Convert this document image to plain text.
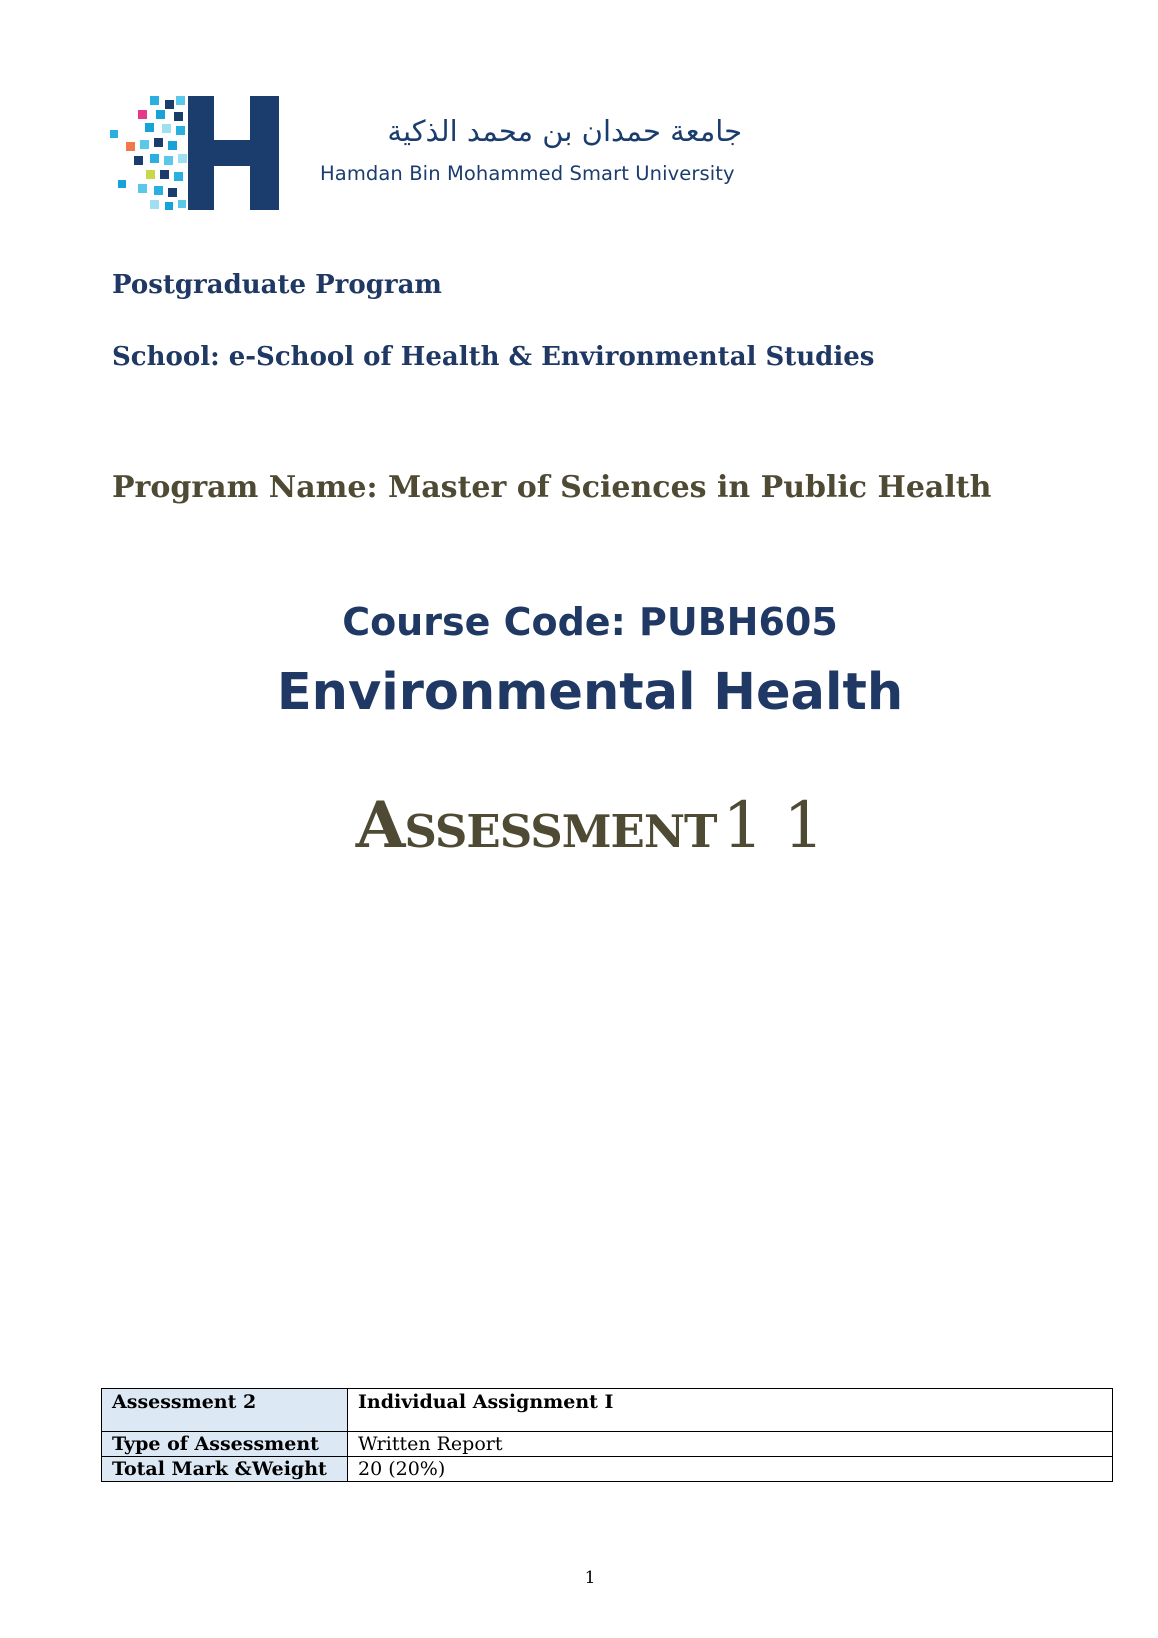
جامعة حمدان بن محمد الذكية
Hamdan Bin Mohammed Smart University
Postgraduate Program
School: e-School of Health & Environmental Studies
Program Name: Master of Sciences in Public Health
Course Code: PUBH605
Environmental Health
Assessment1 1
Assessment 2	Individual Assignment I
Type of Assessment	Written Report
Total Mark &Weight	20 (20%)
1
